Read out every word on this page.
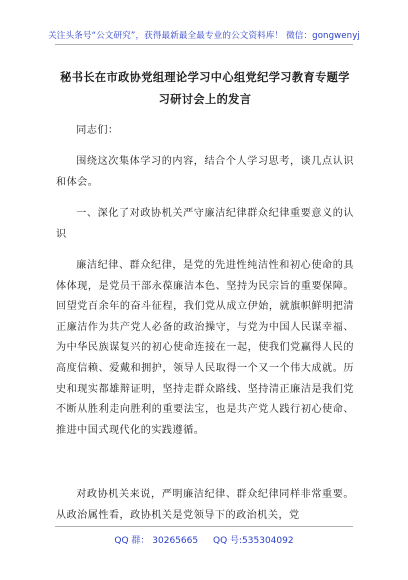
关注头条号“公文研究”，获得最新最全最专业的公文资料库！ 微信：gongwenyj
秘书长在市政协党组理论学习中心组党纪学习教育专题学习研讨会上的发言
同志们：
围绕这次集体学习的内容，结合个人学习思考，谈几点认识和体会。
一、深化了对政协机关严守廉洁纪律群众纪律重要意义的认识
廉洁纪律、群众纪律，是党的先进性纯洁性和初心使命的具体体现，是党员干部永葆廉洁本色、坚持为民宗旨的重要保障。回望党百余年的奋斗征程，我们党从成立伊始，就旗帜鲜明把清正廉洁作为共产党人必备的政治操守，与党为中国人民谋幸福、为中华民族谋复兴的初心使命连接在一起，使我们党赢得人民的高度信赖、爱戴和拥护，领导人民取得一个又一个伟大成就。历史和现实都雄辩证明，坚持走群众路线、坚持清正廉洁是我们党不断从胜利走向胜利的重要法宝，也是共产党人践行初心使命、推进中国式现代化的实践遵循。
对政协机关来说，严明廉洁纪律、群众纪律同样非常重要。从政治属性看，政协机关是党领导下的政治机关，党
QQ 群： 30265665 QQ 号:535304092
